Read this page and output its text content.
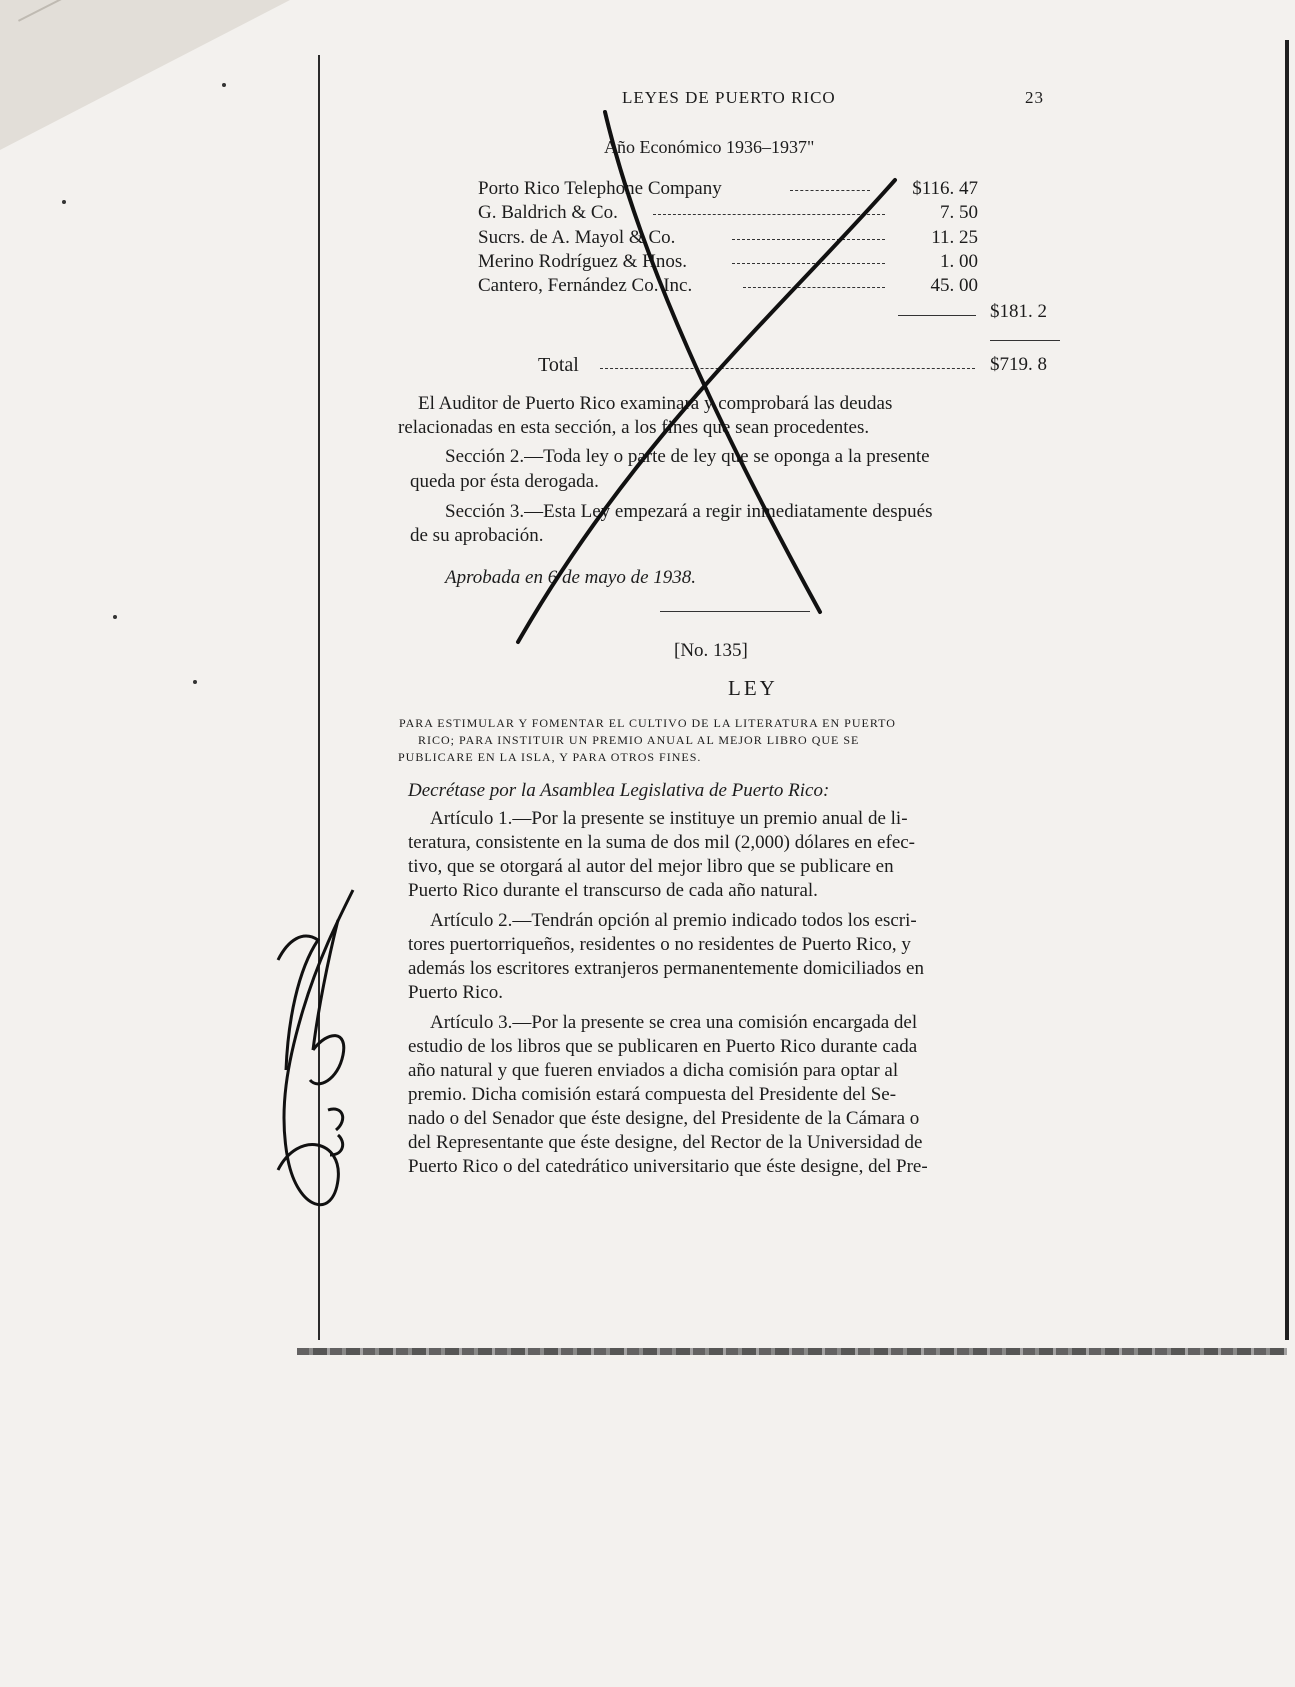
LEYES DE PUERTO RICO	23
Año Económico 1936–1937"
Porto Rico Telephone Company	$116. 47
G. Baldrich & Co.	7. 50
Sucrs. de A. Mayol & Co.	11. 25
Merino Rodríguez & Hnos.	1. 00
Cantero, Fernández Co. Inc.	45. 00
$181. 2
Total	$719. 8
El Auditor de Puerto Rico examinará y comprobará las deudas
relacionadas en esta sección, a los fines que sean procedentes.
Sección 2.—Toda ley o parte de ley que se oponga a la presente
queda por ésta derogada.
Sección 3.—Esta Ley empezará a regir inmediatamente después
de su aprobación.
Aprobada en 6 de mayo de 1938.
[No. 135]
LEY
PARA ESTIMULAR Y FOMENTAR EL CULTIVO DE LA LITERATURA EN PUERTO
RICO; PARA INSTITUIR UN PREMIO ANUAL AL MEJOR LIBRO QUE SE
PUBLICARE EN LA ISLA, Y PARA OTROS FINES.
Decrétase por la Asamblea Legislativa de Puerto Rico:
Artículo 1.—Por la presente se instituye un premio anual de li-
teratura, consistente en la suma de dos mil (2,000) dólares en efec-
tivo, que se otorgará al autor del mejor libro que se publicare en
Puerto Rico durante el transcurso de cada año natural.
Artículo 2.—Tendrán opción al premio indicado todos los escri-
tores puertorriqueños, residentes o no residentes de Puerto Rico, y
además los escritores extranjeros permanentemente domiciliados en
Puerto Rico.
Artículo 3.—Por la presente se crea una comisión encargada del
estudio de los libros que se publicaren en Puerto Rico durante cada
año natural y que fueren enviados a dicha comisión para optar al
premio. Dicha comisión estará compuesta del Presidente del Se-
nado o del Senador que éste designe, del Presidente de la Cámara o
del Representante que éste designe, del Rector de la Universidad de
Puerto Rico o del catedrático universitario que éste designe, del Pre-
